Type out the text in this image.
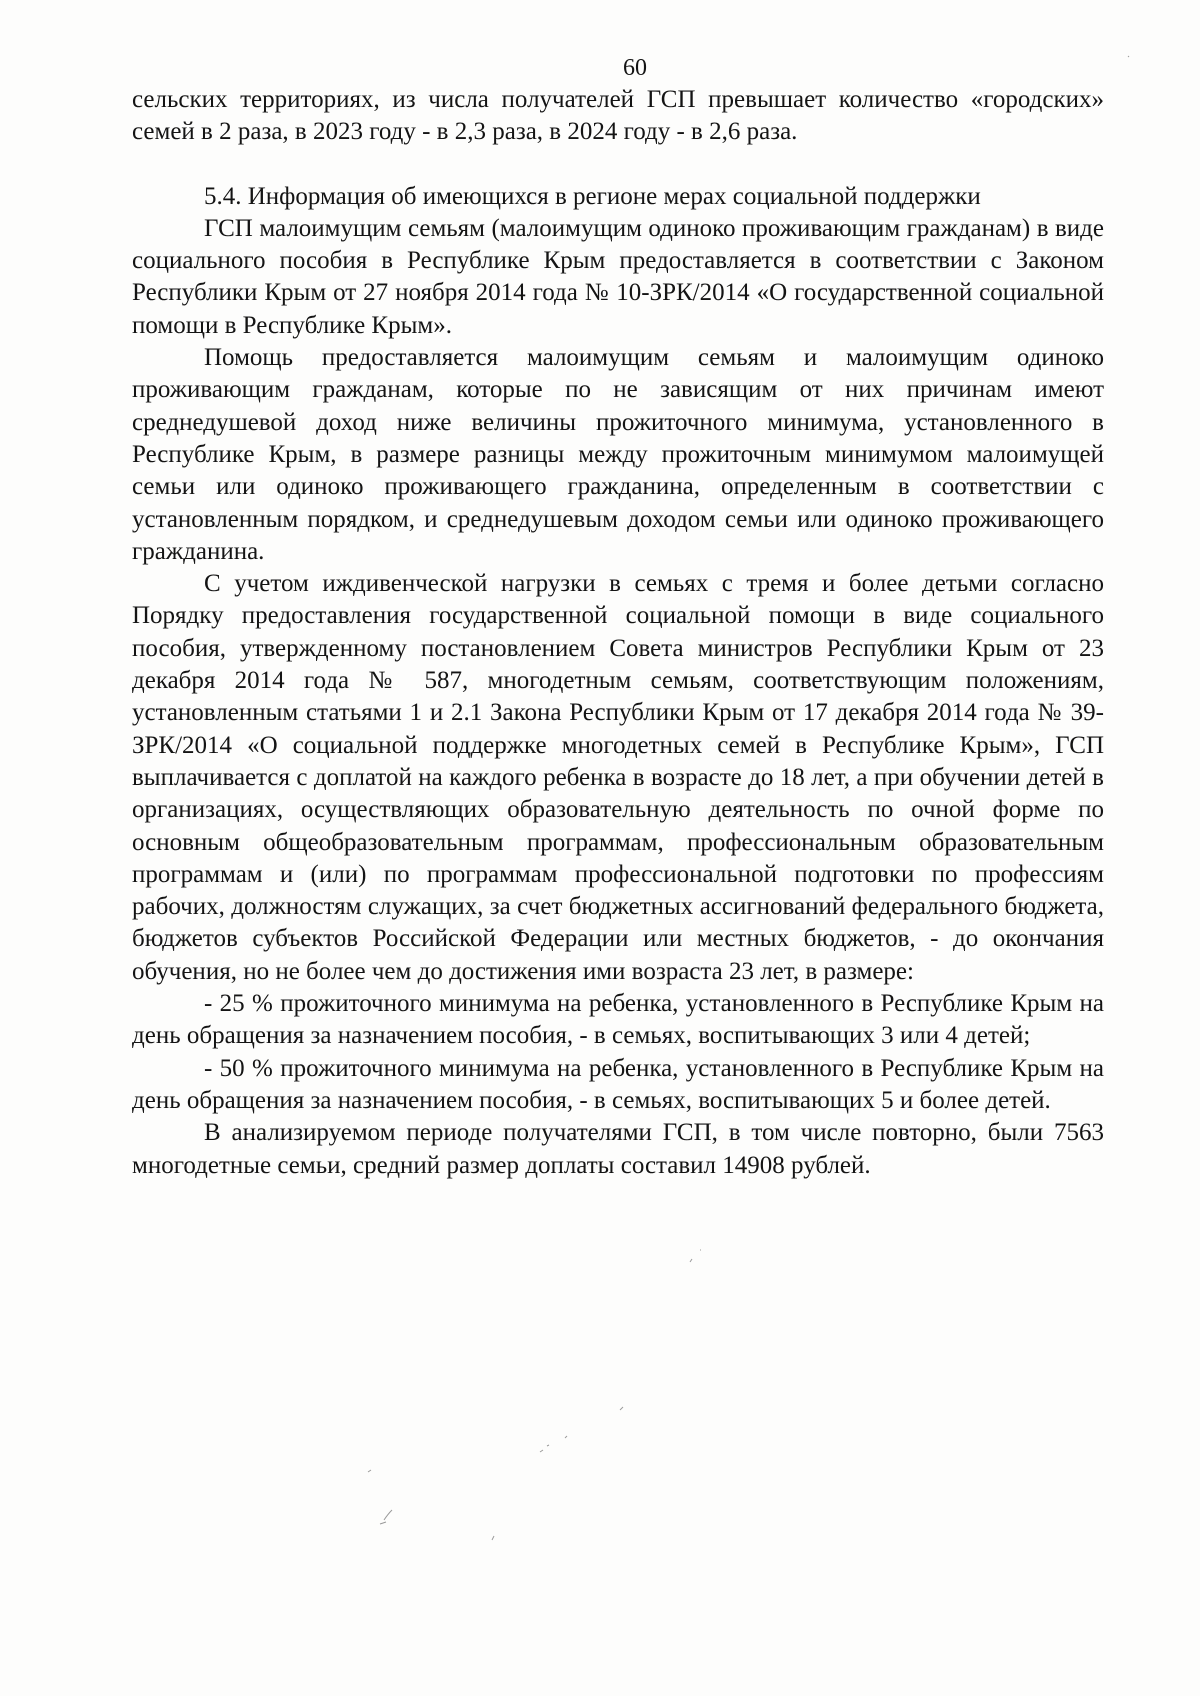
60

сельских территориях, из числа получателей ГСП превышает количество «городских» семей в 2 раза, в 2023 году - в 2,3 раза, в 2024 году - в 2,6 раза.

5.4. Информация об имеющихся в регионе мерах социальной поддержки

ГСП малоимущим семьям (малоимущим одиноко проживающим гражданам) в виде социального пособия в Республике Крым предоставляется в соответствии с Законом Республики Крым от 27 ноября 2014 года № 10-ЗРК/2014 «О государственной социальной помощи в Республике Крым».

Помощь предоставляется малоимущим семьям и малоимущим одиноко проживающим гражданам, которые по не зависящим от них причинам имеют среднедушевой доход ниже величины прожиточного минимума, установленного в Республике Крым, в размере разницы между прожиточным минимумом малоимущей семьи или одиноко проживающего гражданина, определенным в соответствии с установленным порядком, и среднедушевым доходом семьи или одиноко проживающего гражданина.

С учетом иждивенческой нагрузки в семьях с тремя и более детьми согласно Порядку предоставления государственной социальной помощи в виде социального пособия, утвержденному постановлением Совета министров Республики Крым от 23 декабря 2014 года № 587, многодетным семьям, соответствующим положениям, установленным статьями 1 и 2.1 Закона Республики Крым от 17 декабря 2014 года № 39-ЗРК/2014 «О социальной поддержке многодетных семей в Республике Крым», ГСП выплачивается с доплатой на каждого ребенка в возрасте до 18 лет, а при обучении детей в организациях, осуществляющих образовательную деятельность по очной форме по основным общеобразовательным программам, профессиональным образовательным программам и (или) по программам профессиональной подготовки по профессиям рабочих, должностям служащих, за счет бюджетных ассигнований федерального бюджета, бюджетов субъектов Российской Федерации или местных бюджетов, - до окончания обучения, но не более чем до достижения ими возраста 23 лет, в размере:

- 25 % прожиточного минимума на ребенка, установленного в Республике Крым на день обращения за назначением пособия, - в семьях, воспитывающих 3 или 4 детей;

- 50 % прожиточного минимума на ребенка, установленного в Республике Крым на день обращения за назначением пособия, - в семьях, воспитывающих 5 и более детей.

В анализируемом периоде получателями ГСП, в том числе повторно, были 7563 многодетные семьи, средний размер доплаты составил 14908 рублей.
